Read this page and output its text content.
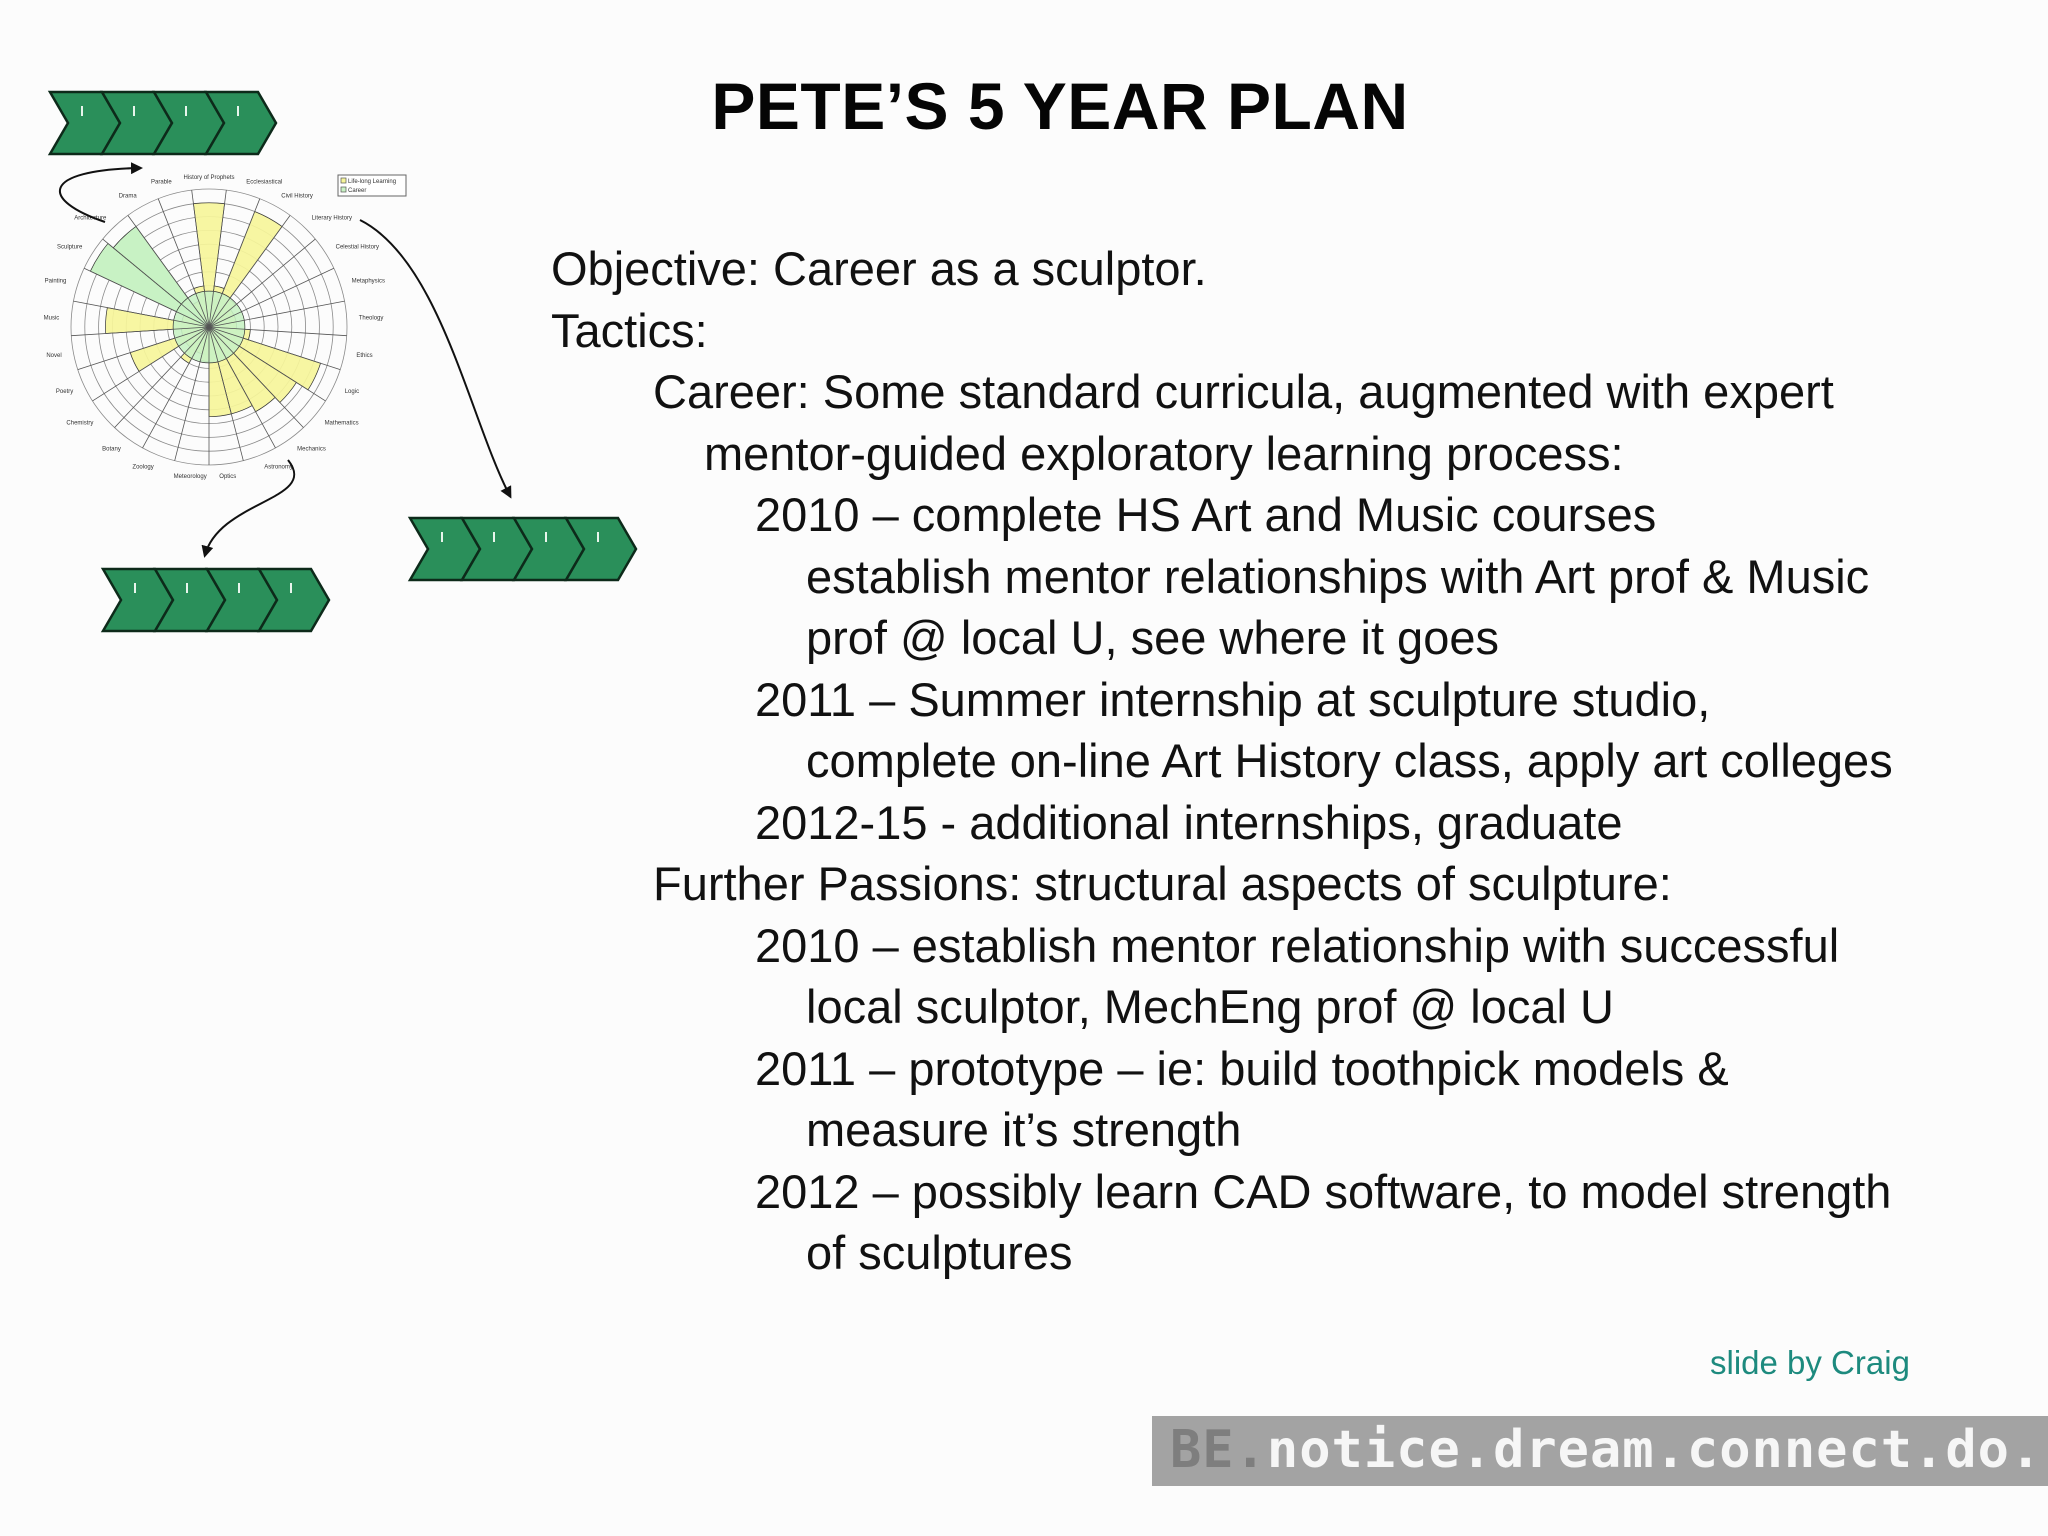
PETE’S 5 YEAR PLAN
Objective: Career as a sculptor.
Tactics:
Career: Some standard curricula, augmented with expert
mentor-guided exploratory learning process:
2010 – complete HS Art and Music courses
establish mentor relationships with Art prof & Music
prof @ local U, see where it goes
2011 – Summer internship at sculpture studio,
complete on-line Art History class, apply art colleges
2012-15 - additional internships, graduate
Further Passions: structural aspects of sculpture:
2010 – establish mentor relationship with successful
local sculptor, MechEng prof @ local U
2011 – prototype – ie: build toothpick models &
measure it’s strength
2012 – possibly learn CAD software, to model strength
of sculptures
slide by Craig
BE.notice.dream.connect.do.
History of Prophets
Ecclesiastical
Civil History
Literary History
Celestial History
Metaphysics
Theology
Ethics
Logic
Mathematics
Mechanics
Astronomy
Optics
Meteorology
Zoology
Botany
Chemistry
Poetry
Novel
Music
Painting
Sculpture
Architecture
Drama
Parable	Life-long Learning
Career
